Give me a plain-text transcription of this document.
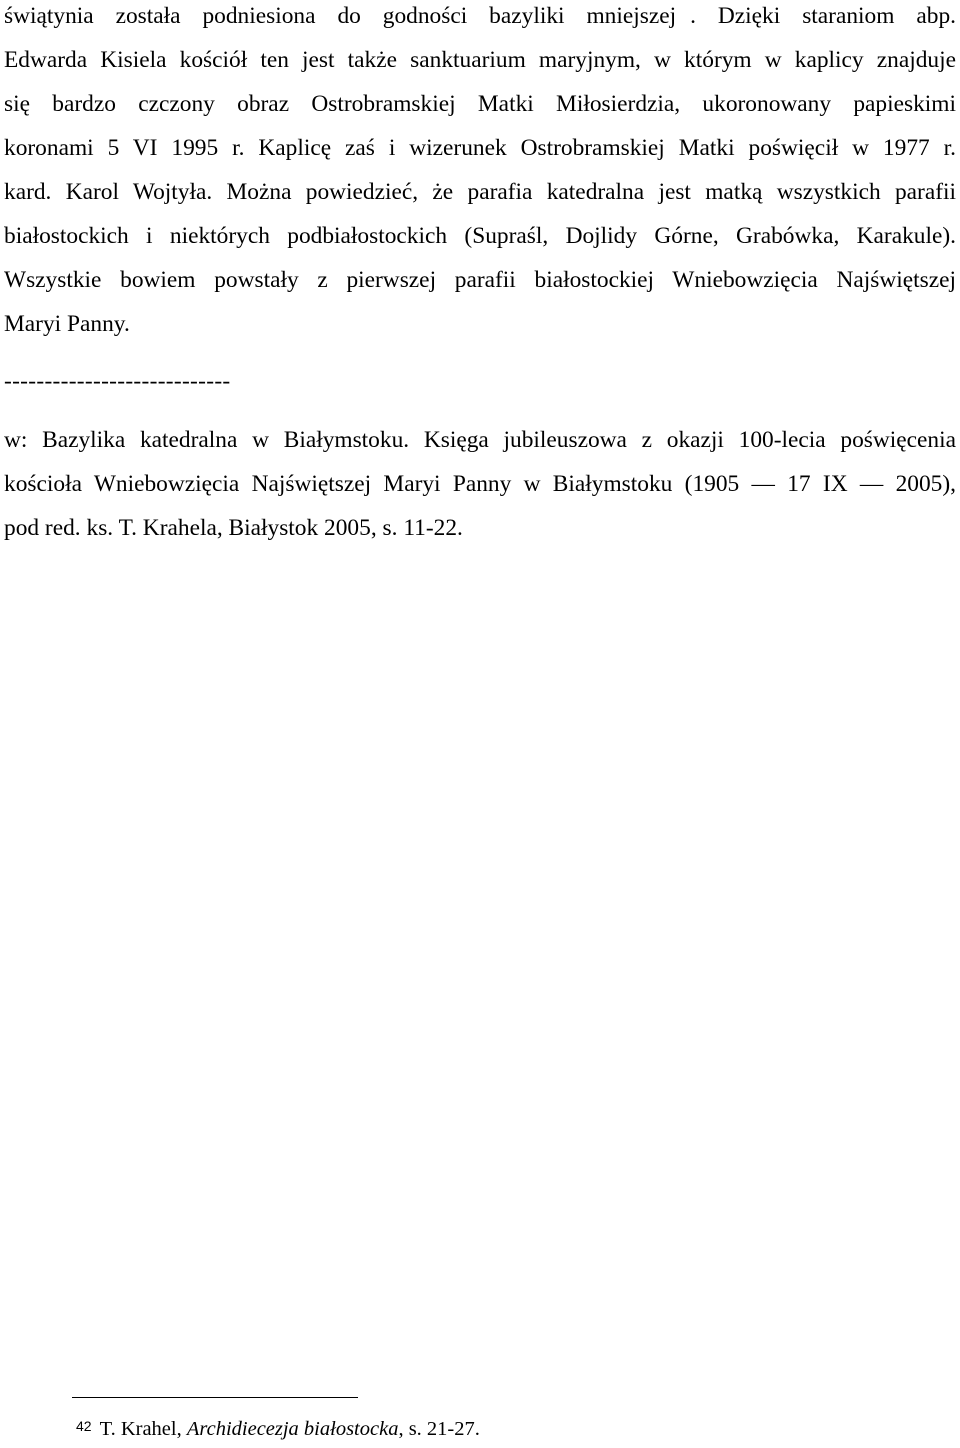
świątynia została podniesiona do godności bazyliki mniejszej . Dzięki staraniom abp.
Edwarda Kisiela kościół ten jest także sanktuarium maryjnym, w którym w kaplicy znajduje
się bardzo czczony obraz Ostrobramskiej Matki Miłosierdzia, ukoronowany papieskimi
koronami 5 VI 1995 r. Kaplicę zaś i wizerunek Ostrobramskiej Matki poświęcił w 1977 r.
kard. Karol Wojtyła. Można powiedzieć, że parafia katedralna jest matką wszystkich parafii
białostockich i niektórych podbiałostockich (Supraśl, Dojlidy Górne, Grabówka, Karakule).
Wszystkie bowiem powstały z pierwszej parafii białostockiej Wniebowzięcia Najświętszej
Maryi Panny.
----------------------------
w: Bazylika katedralna w Białymstoku. Księga jubileuszowa z okazji 100-lecia poświęcenia
kościoła Wniebowzięcia Najświętszej Maryi Panny w Białymstoku (1905 ― 17 IX ― 2005),
pod red. ks. T. Krahela, Białystok 2005, s. 11-22.
$^{42}$ T. Krahel, Archidiecezja białostocka, s. 21-27.
